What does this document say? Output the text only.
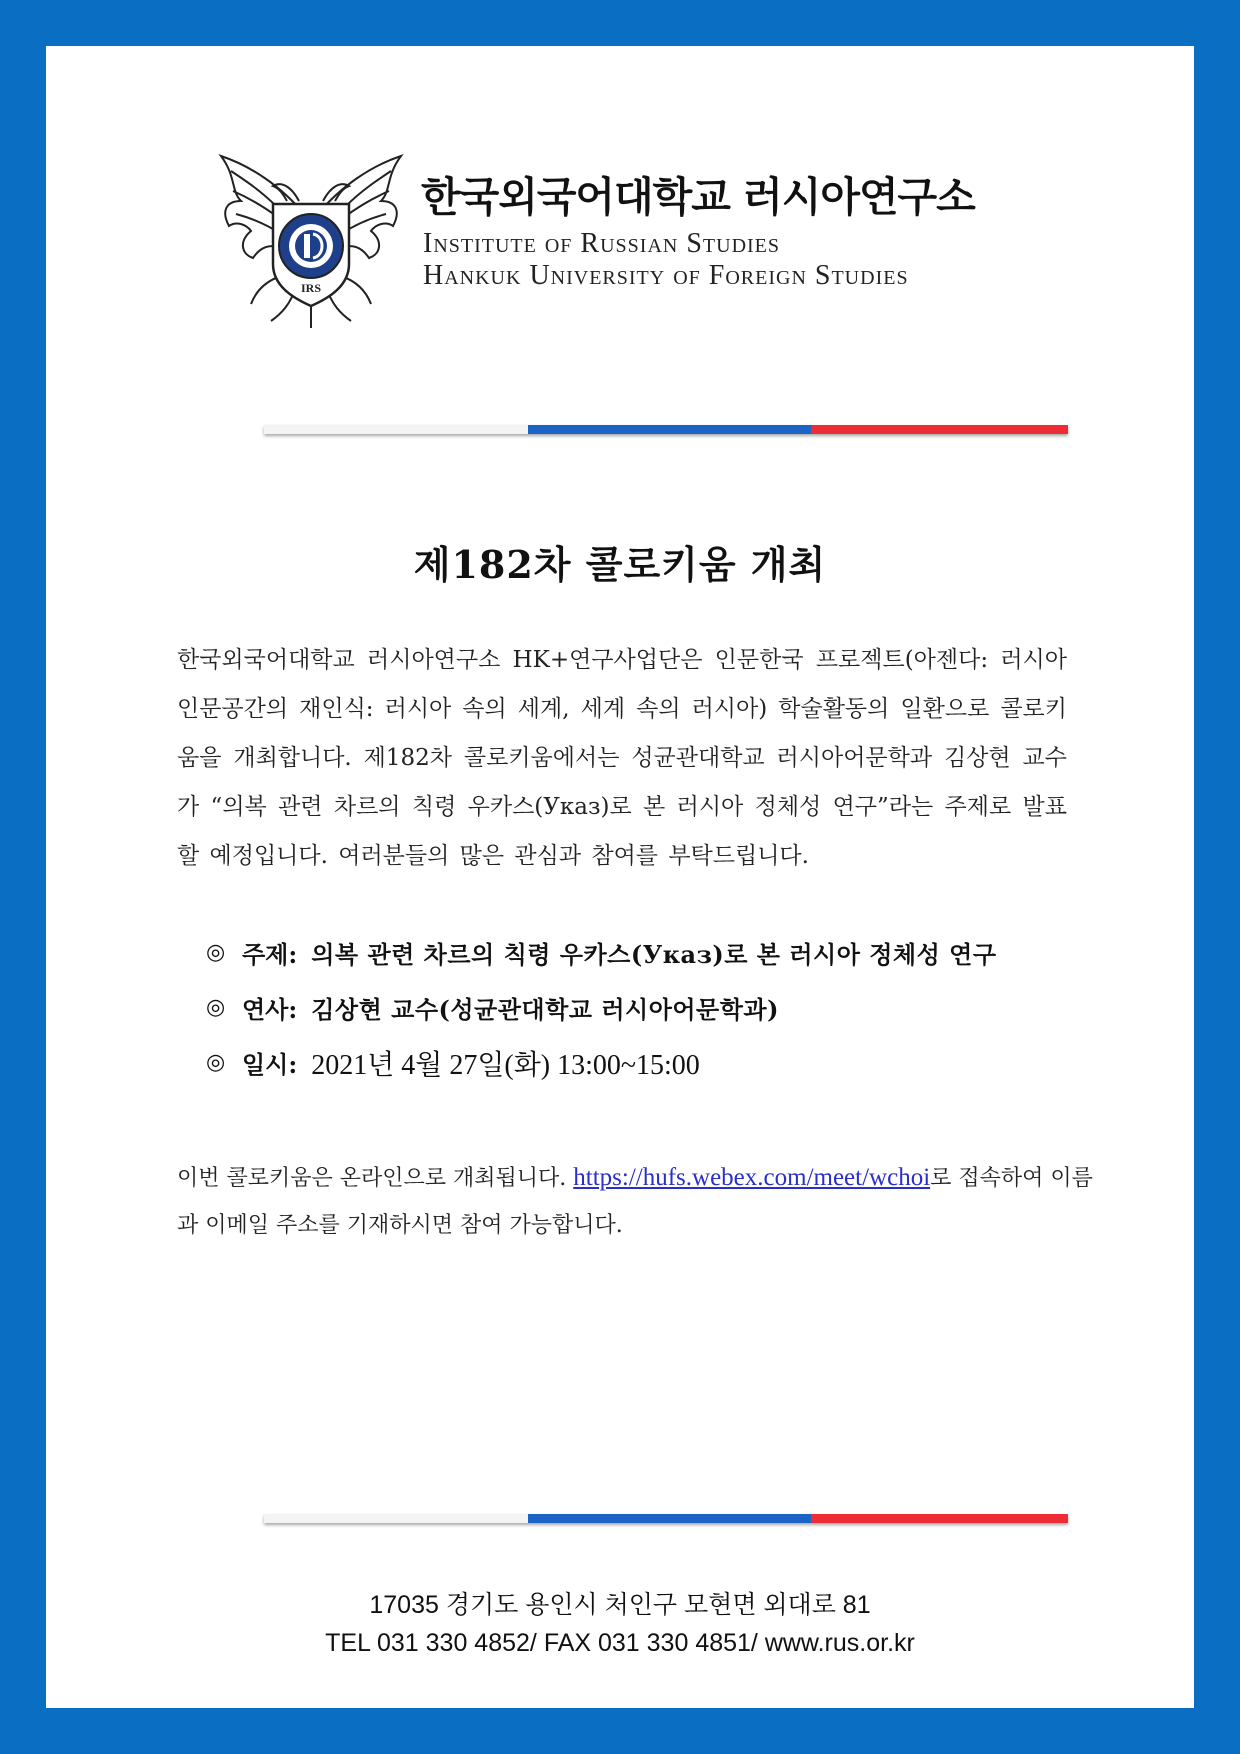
IRS
한국외국어대학교 러시아연구소
Institute of Russian Studies
Hankuk University of Foreign Studies
제182차 콜로키움 개최

한국외국어대학교 러시아연구소 HK+연구사업단은 인문한국 프로젝트(아젠다: 러시아 인문공간의 재인식: 러시아 속의 세계, 세계 속의 러시아) 학술활동의 일환으로 콜로키움을 개최합니다. 제182차 콜로키움에서는 성균관대학교 러시아어문학과 김상현 교수가 “의복 관련 차르의 칙령 우카스(Указ)로 본 러시아 정체성 연구”라는 주제로 발표할 예정입니다. 여러분들의 많은 관심과 참여를 부탁드립니다.

◎ 주제: 의복 관련 차르의 칙령 우카스(Указ)로 본 러시아 정체성 연구
◎ 연사: 김상현 교수(성균관대학교 러시아어문학과)
◎ 일시: 2021년 4월 27일(화) 13:00~15:00
이번 콜로키움은 온라인으로 개최됩니다. https://hufs.webex.com/meet/wchoi로 접속하여 이름과 이메일 주소를 기재하시면 참여 가능합니다.
17035 경기도 용인시 처인구 모현면 외대로 81
TEL 031 330 4852/ FAX 031 330 4851/ www.rus.or.kr
